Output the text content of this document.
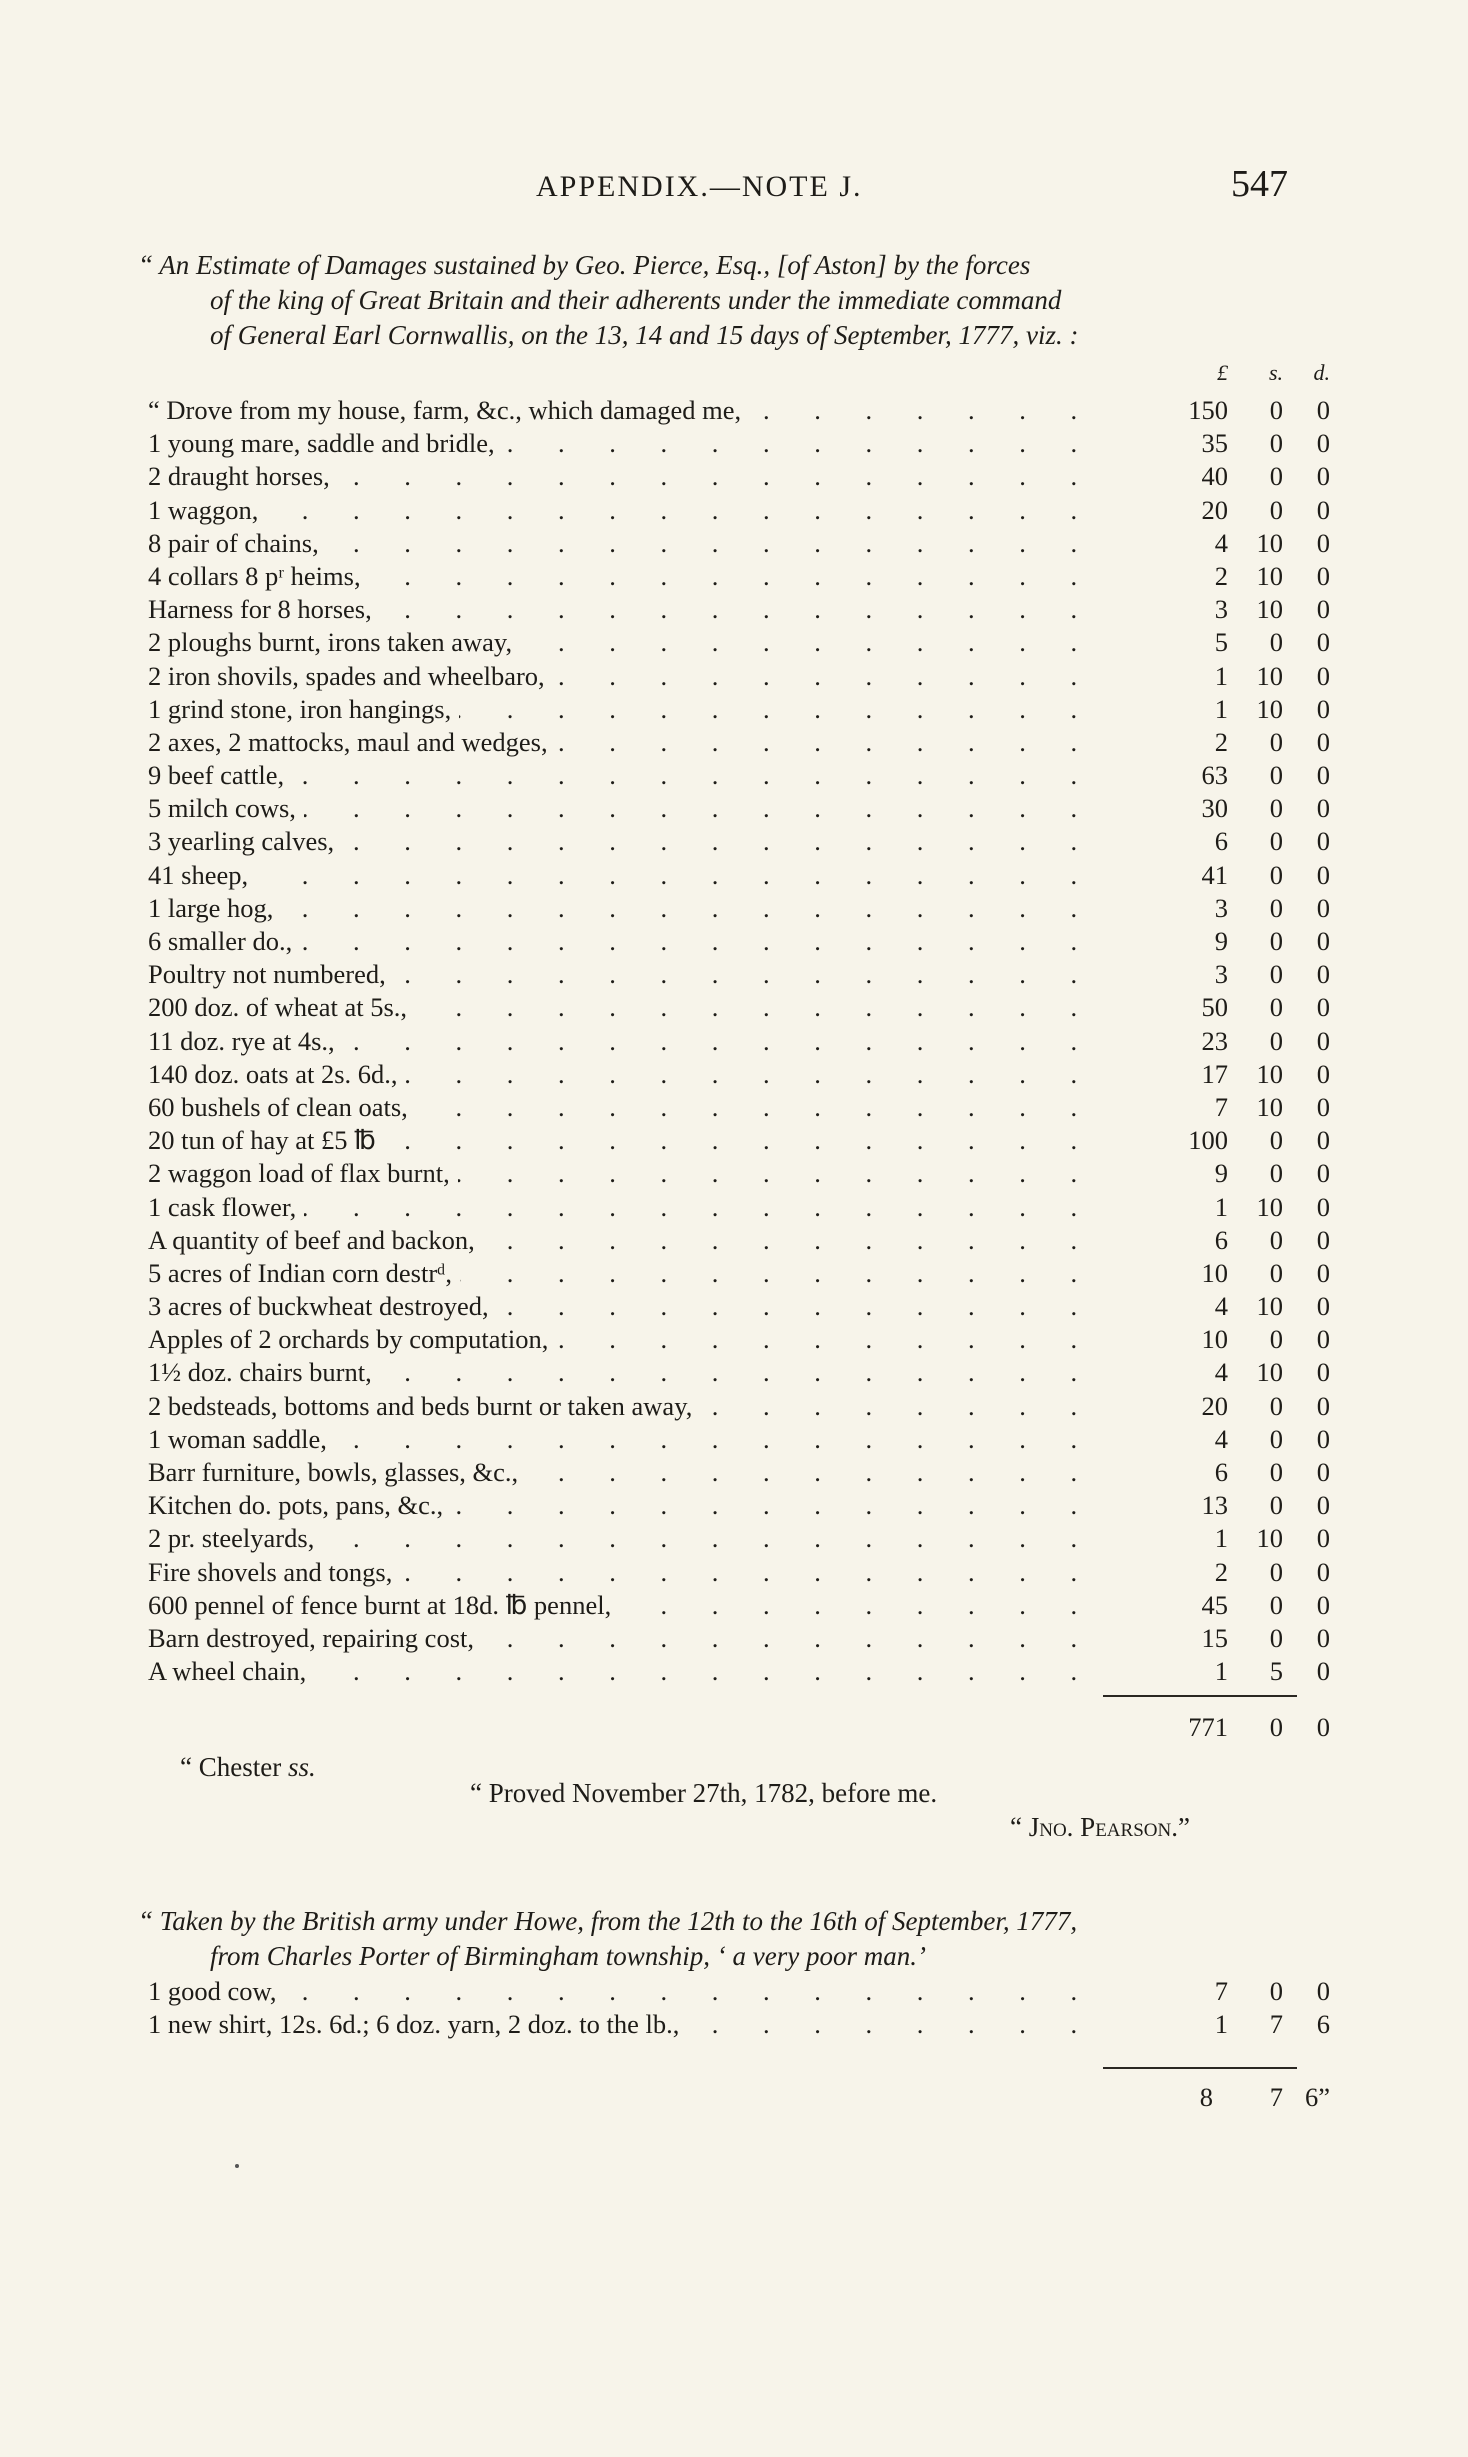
APPENDIX.—NOTE J.	547
“ An Estimate of Damages sustained by Geo. Pierce, Esq., [of Aston] by the forces
of the king of Great Britain and their adherents under the immediate command
of General Earl Cornwallis, on the 13, 14 and 15 days of September, 1777, viz. :
£	s.	d.
. . .
“ Drove from my house, farm, &c., which damaged me,	150	0	0
. . .
1 young mare, saddle and bridle,	35	0	0
. . .
2 draught horses,	40	0	0
. . .
1 waggon,	20	0	0
. . .
8 pair of chains,	4	10	0
. . .
4 collars 8 pʳ heims,	2	10	0
. . .
Harness for 8 horses,	3	10	0
. . .
2 ploughs burnt, irons taken away,	5	0	0
. . .
2 iron shovils, spades and wheelbaro,	1	10	0
. . .
1 grind stone, iron hangings,	1	10	0
. . .
2 axes, 2 mattocks, maul and wedges,	2	0	0
. . .
9 beef cattle,	63	0	0
. . .
5 milch cows,	30	0	0
. . .
3 yearling calves,	6	0	0
. . .
41 sheep,	41	0	0
. . .
1 large hog,	3	0	0
. . .
6 smaller do.,	9	0	0
. . .
Poultry not numbered,	3	0	0
. . .
200 doz. of wheat at 5s.,	50	0	0
. . .
11 doz. rye at 4s.,	23	0	0
. . .
140 doz. oats at 2s. 6d.,	17	10	0
. . .
60 bushels of clean oats,	7	10	0
. . .
20 tun of hay at £5 ℔	100	0	0
. . .
2 waggon load of flax burnt,	9	0	0
. . .
1 cask flower,	1	10	0
. . .
A quantity of beef and backon,	6	0	0
. . .
5 acres of Indian corn destrᵈ,	10	0	0
. . .
3 acres of buckwheat destroyed,	4	10	0
. . .
Apples of 2 orchards by computation,	10	0	0
. . .
1½ doz. chairs burnt,	4	10	0
. . .
2 bedsteads, bottoms and beds burnt or taken away,	20	0	0
. . .
1 woman saddle,	4	0	0
. . .
Barr furniture, bowls, glasses, &c.,	6	0	0
. . .
Kitchen do. pots, pans, &c.,	13	0	0
. . .
2 pr. steelyards,	1	10	0
. . .
Fire shovels and tongs,	2	0	0
. . .
600 pennel of fence burnt at 18d. ℔ pennel,	45	0	0
. . .
Barn destroyed, repairing cost,	15	0	0
. . .
A wheel chain,	1	5	0
771	0	0
“ Chester ss.
“ Proved November 27th, 1782, before me.
“ Jno. Pearson.”
“ Taken by the British army under Howe, from the 12th to the 16th of September, 1777,
from Charles Porter of Birmingham township, ‘ a very poor man.’
. . .
1 good cow,	7	0	0
. . .
1 new shirt, 12s. 6d.; 6 doz. yarn, 2 doz. to the lb.,	1	7	6
8	7 6”
